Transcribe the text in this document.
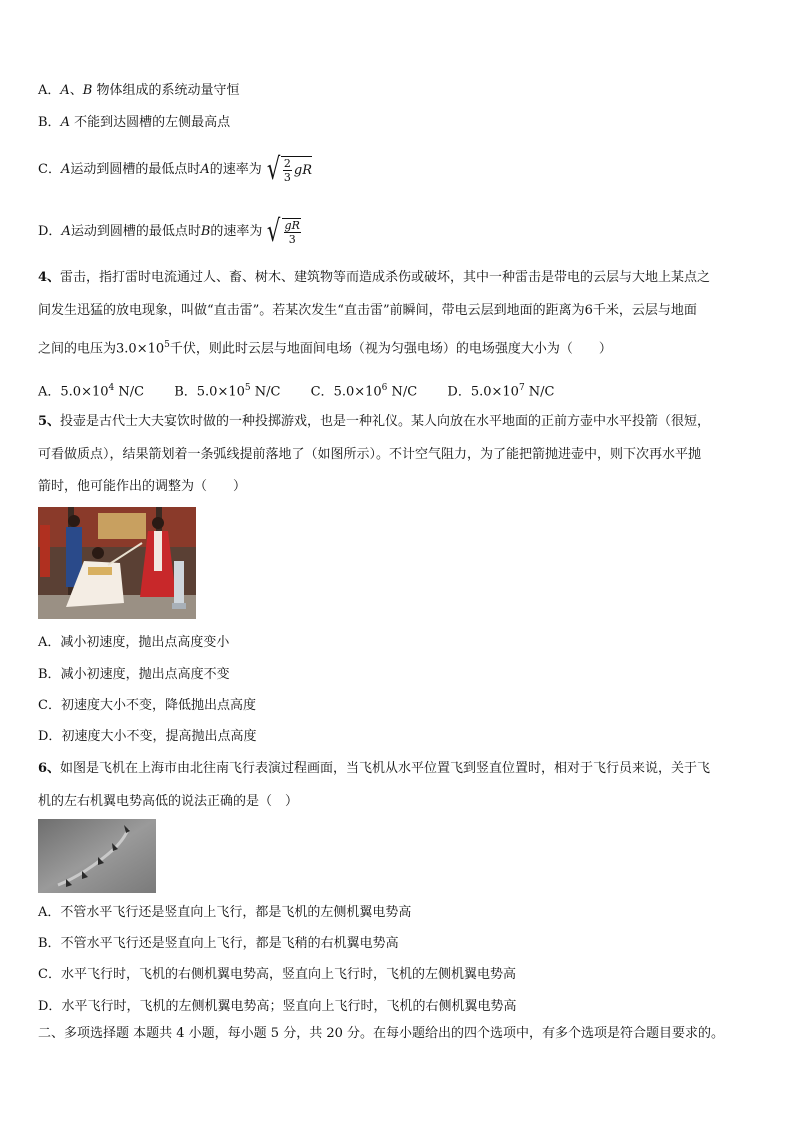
A．A、B 物体组成的系统动量守恒
B．A 不能到达圆槽的左侧最高点
C． A 运动到圆槽的最低点时 A 的速率为 √ 2
3 gR
D． A 运动到圆槽的最低点时 B 的速率为 √ gR
3
4、雷击，指打雷时电流通过人、畜、树木、建筑物等而造成杀伤或破坏，其中一种雷击是带电的云层与大地上某点之
间发生迅猛的放电现象，叫做“直击雷”。若某次发生“直击雷”前瞬间，带电云层到地面的距离为6千米，云层与地面
之间的电压为$3.0\times 10^5$千伏，则此时云层与地面间电场（视为匀强电场）的电场强度大小为（　　）
A．$5.0\times 10^4$ N/C B．$5.0\times 10^5$ N/C C．$5.0\times 10^6$ N/C D．$5.0\times 10^7$ N/C
5、投壶是古代士大夫宴饮时做的一种投掷游戏，也是一种礼仪。某人向放在水平地面的正前方壶中水平投箭（很短，
可看做质点），结果箭划着一条弧线提前落地了（如图所示）。不计空气阻力，为了能把箭抛进壶中，则下次再水平抛
箭时，他可能作出的调整为（　　）
A．减小初速度，抛出点高度变小
B．减小初速度，抛出点高度不变
C．初速度大小不变，降低抛出点高度
D．初速度大小不变，提高抛出点高度
6、如图是飞机在上海市由北往南飞行表演过程画面，当飞机从水平位置飞到竖直位置时，相对于飞行员来说，关于飞
机的左右机翼电势高低的说法正确的是（　）
A．不管水平飞行还是竖直向上飞行，都是飞机的左侧机翼电势高
B．不管水平飞行还是竖直向上飞行，都是飞稍的右机翼电势高
C．水平飞行时，飞机的右侧机翼电势高，竖直向上飞行时，飞机的左侧机翼电势高
D．水平飞行时，飞机的左侧机翼电势高；竖直向上飞行时，飞机的右侧机翼电势高
二、多项选择题 本题共 4 小题，每小题 5 分，共 20 分。在每小题给出的四个选项中，有多个选项是符合题目要求的。
